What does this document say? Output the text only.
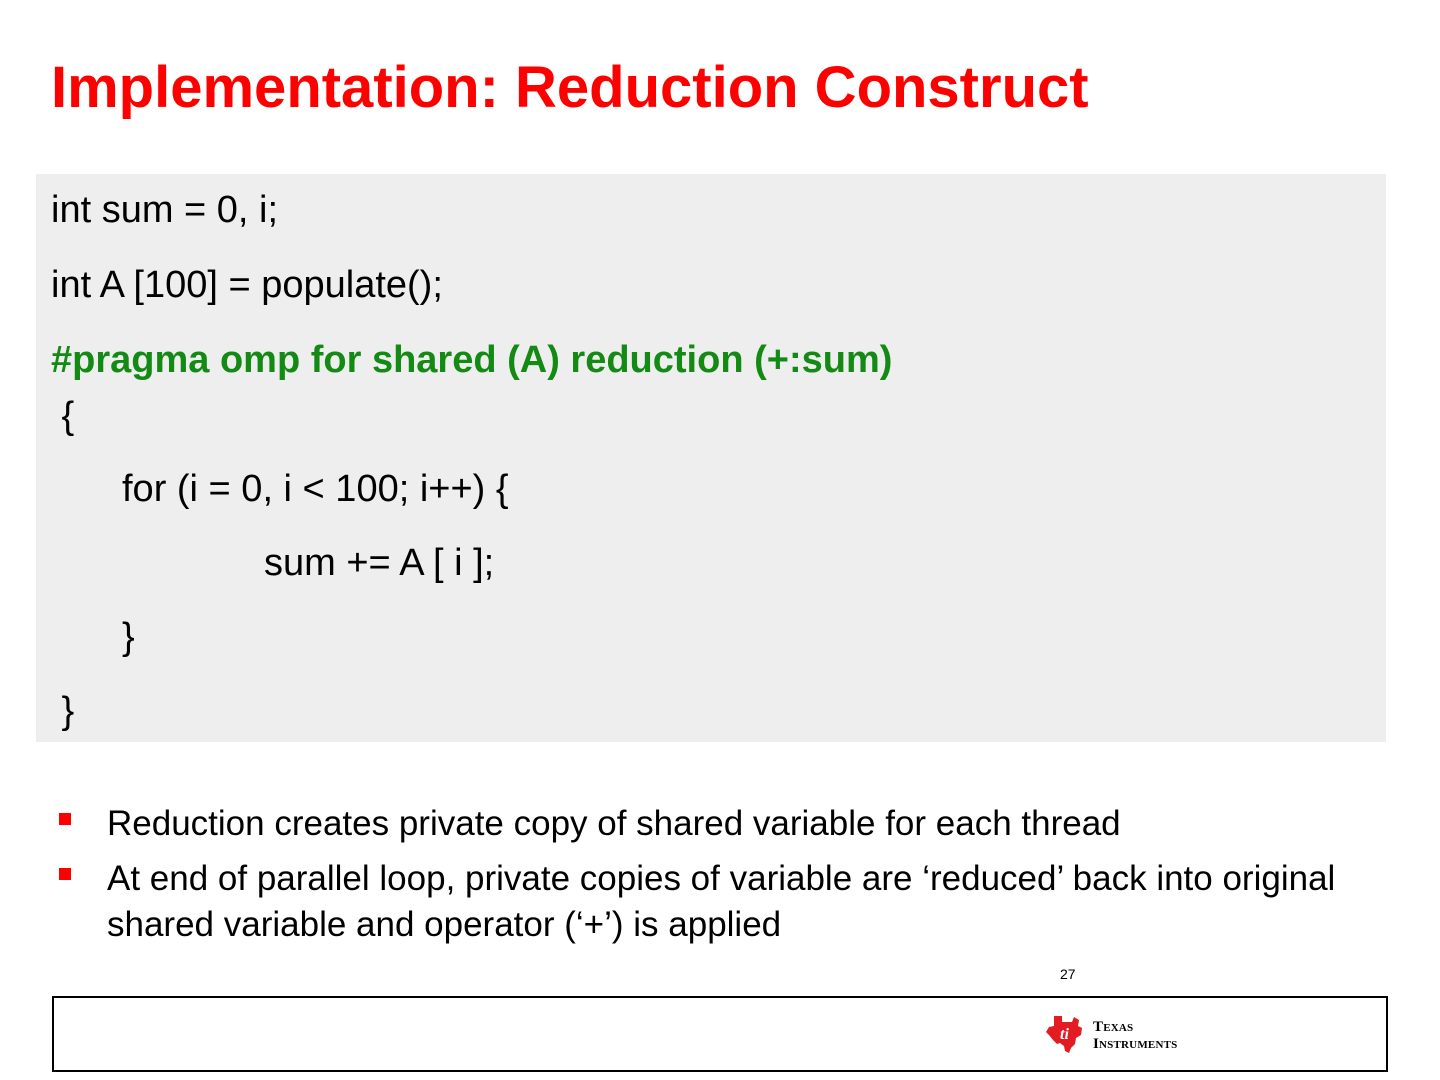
Implementation: Reduction Construct
int sum = 0, i;
int A [100] = populate();
#pragma omp for shared (A) reduction (+:sum)
{
for (i = 0, i < 100; i++) {
sum += A [ i ];
}
}
Reduction creates private copy of shared variable for each thread
At end of parallel loop, private copies of variable are ‘reduced’ back into original shared variable and operator (‘+’) is applied
27
ti Texas
Instruments
